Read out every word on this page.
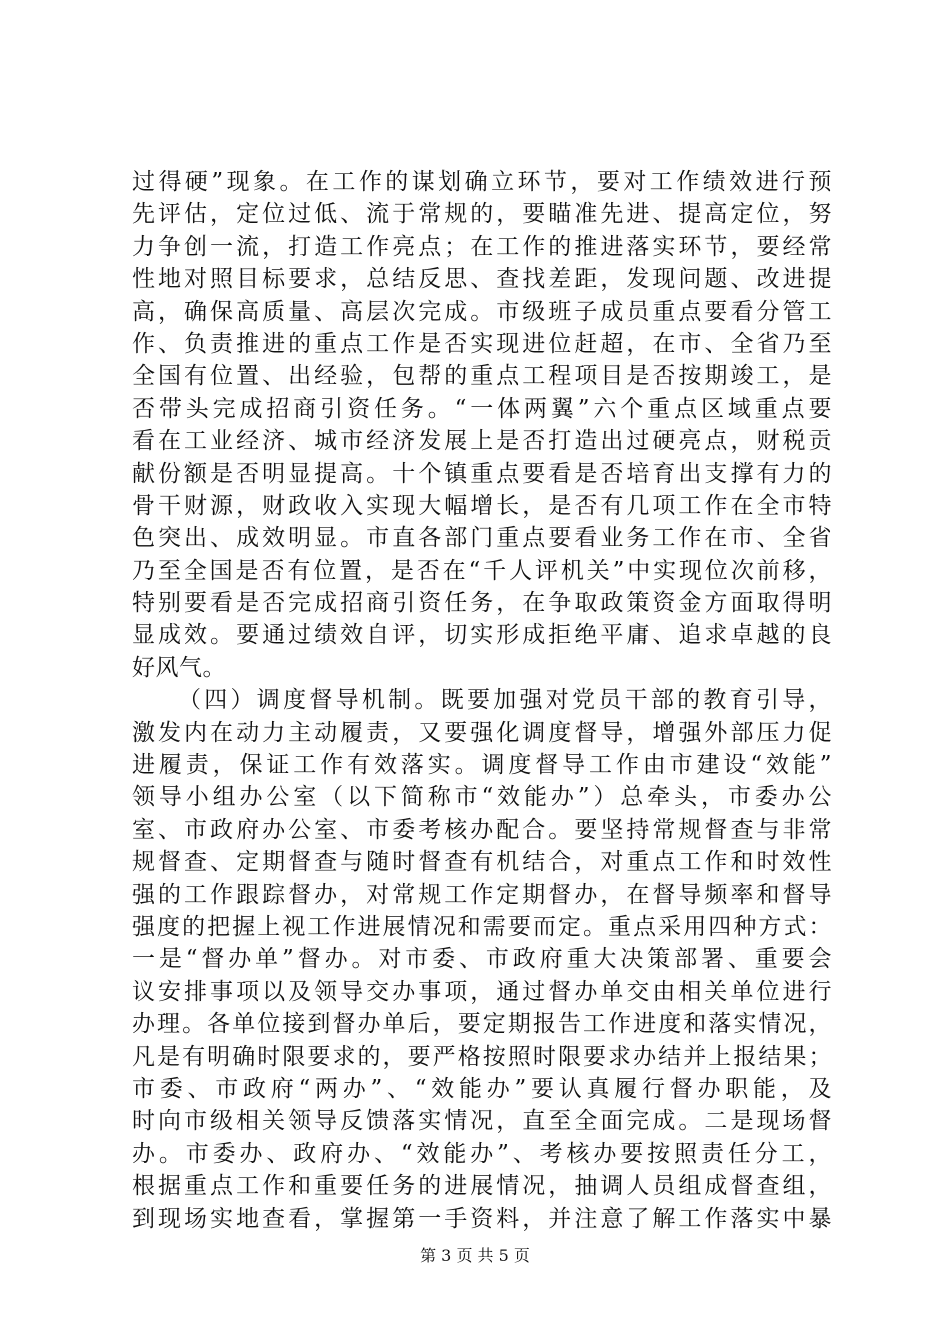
过得硬”现象。在工作的谋划确立环节，要对工作绩效进行预
先评估，定位过低、流于常规的，要瞄准先进、提高定位，努
力争创一流，打造工作亮点；在工作的推进落实环节，要经常
性地对照目标要求，总结反思、查找差距，发现问题、改进提
高，确保高质量、高层次完成。市级班子成员重点要看分管工
作、负责推进的重点工作是否实现进位赶超，在市、全省乃至
全国有位置、出经验，包帮的重点工程项目是否按期竣工，是
否带头完成招商引资任务。“一体两翼”六个重点区域重点要
看在工业经济、城市经济发展上是否打造出过硬亮点，财税贡
献份额是否明显提高。十个镇重点要看是否培育出支撑有力的
骨干财源，财政收入实现大幅增长，是否有几项工作在全市特
色突出、成效明显。市直各部门重点要看业务工作在市、全省
乃至全国是否有位置，是否在“千人评机关”中实现位次前移，
特别要看是否完成招商引资任务，在争取政策资金方面取得明
显成效。要通过绩效自评，切实形成拒绝平庸、追求卓越的良
好风气。
（四）调度督导机制。既要加强对党员干部的教育引导，
激发内在动力主动履责，又要强化调度督导，增强外部压力促
进履责，保证工作有效落实。调度督导工作由市建设“效能”
领导小组办公室（以下简称市“效能办”）总牵头，市委办公
室、市政府办公室、市委考核办配合。要坚持常规督查与非常
规督查、定期督查与随时督查有机结合，对重点工作和时效性
强的工作跟踪督办，对常规工作定期督办，在督导频率和督导
强度的把握上视工作进展情况和需要而定。重点采用四种方式：
一是“督办单”督办。对市委、市政府重大决策部署、重要会
议安排事项以及领导交办事项，通过督办单交由相关单位进行
办理。各单位接到督办单后，要定期报告工作进度和落实情况，
凡是有明确时限要求的，要严格按照时限要求办结并上报结果；
市委、市政府“两办”、“效能办”要认真履行督办职能，及
时向市级相关领导反馈落实情况，直至全面完成。二是现场督
办。市委办、政府办、“效能办”、考核办要按照责任分工，
根据重点工作和重要任务的进展情况，抽调人员组成督查组，
到现场实地查看，掌握第一手资料，并注意了解工作落实中暴
第 3 页 共 5 页
